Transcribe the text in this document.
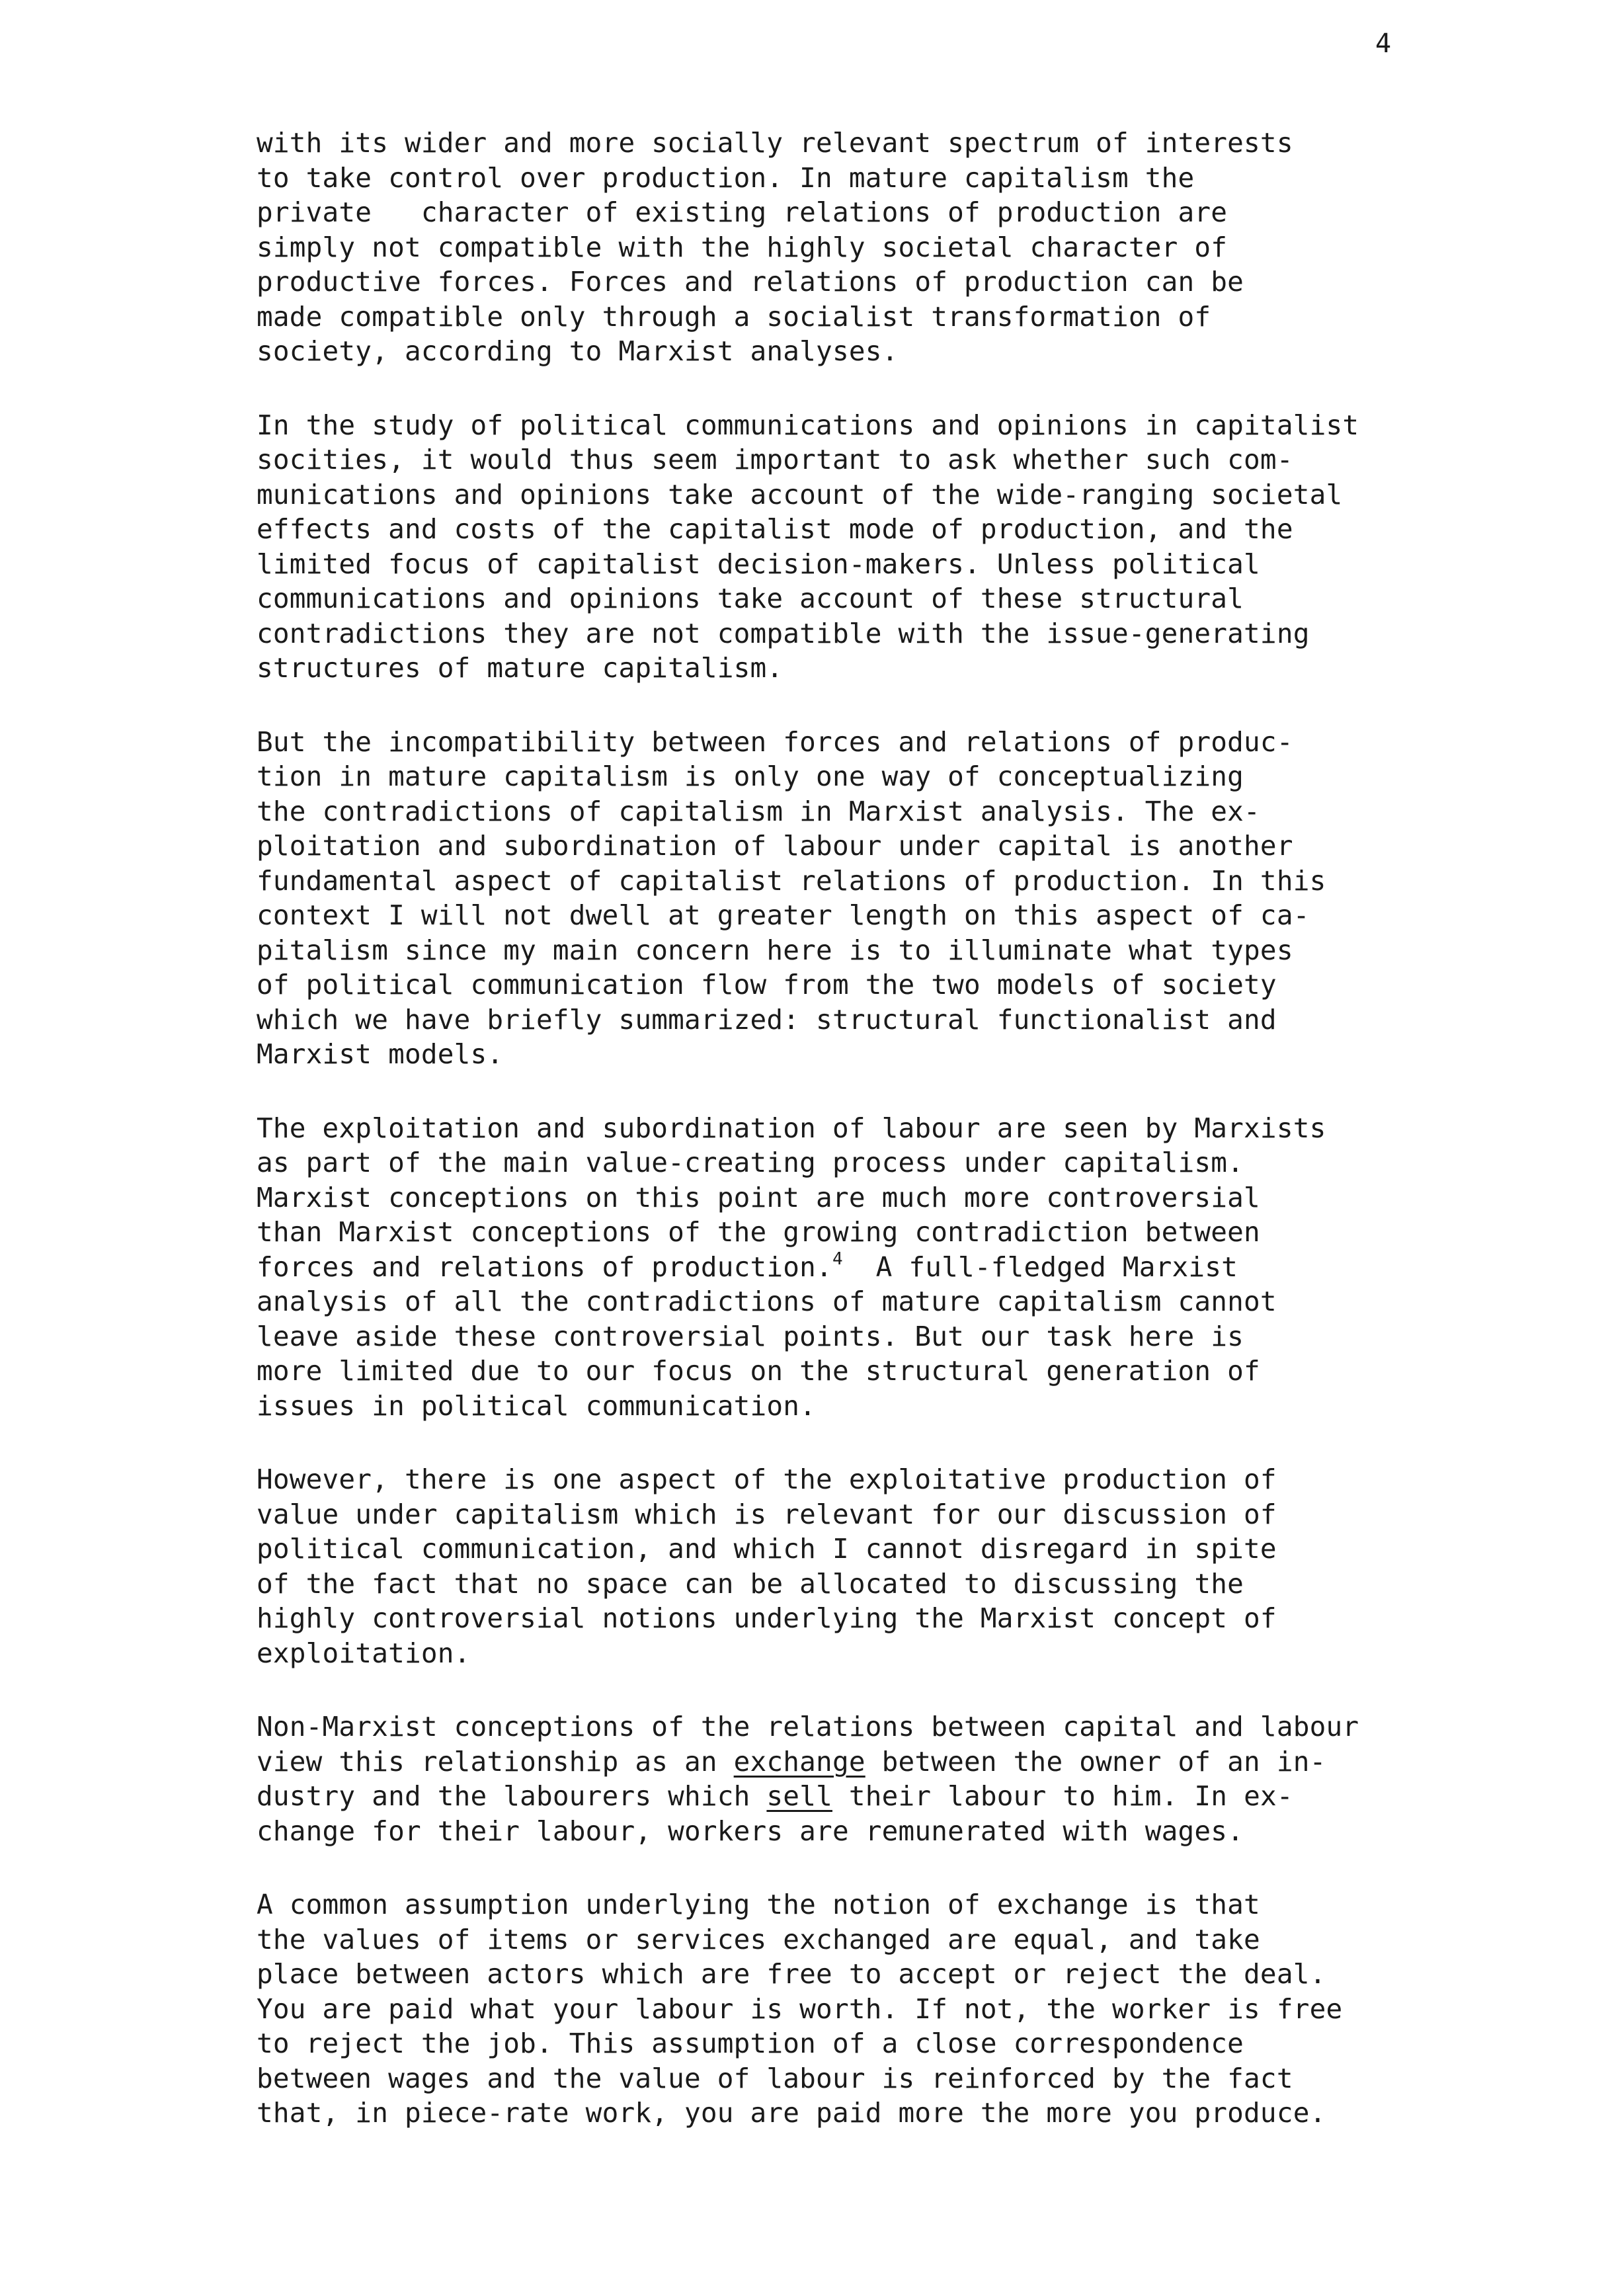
4
with its wider and more socially relevant spectrum of interests
to take control over production. In mature capitalism the
private   character of existing relations of production are
simply not compatible with the highly societal character of
productive forces. Forces and relations of production can be
made compatible only through a socialist transformation of
society, according to Marxist analyses.
In the study of political communications and opinions in capitalist
socities, it would thus seem important to ask whether such com-
munications and opinions take account of the wide-ranging societal
effects and costs of the capitalist mode of production, and the
limited focus of capitalist decision-makers. Unless political
communications and opinions take account of these structural
contradictions they are not compatible with the issue-generating
structures of mature capitalism.
But the incompatibility between forces and relations of produc-
tion in mature capitalism is only one way of conceptualizing
the contradictions of capitalism in Marxist analysis. The ex-
ploitation and subordination of labour under capital is another
fundamental aspect of capitalist relations of production. In this
context I will not dwell at greater length on this aspect of ca-
pitalism since my main concern here is to illuminate what types
of political communication flow from the two models of society
which we have briefly summarized: structural functionalist and
Marxist models.
The exploitation and subordination of labour are seen by Marxists
as part of the main value-creating process under capitalism.
Marxist conceptions on this point are much more controversial
than Marxist conceptions of the growing contradiction between
forces and relations of production.$^4$  A full-fledged Marxist
analysis of all the contradictions of mature capitalism cannot
leave aside these controversial points. But our task here is
more limited due to our focus on the structural generation of
issues in political communication.
However, there is one aspect of the exploitative production of
value under capitalism which is relevant for our discussion of
political communication, and which I cannot disregard in spite
of the fact that no space can be allocated to discussing the
highly controversial notions underlying the Marxist concept of
exploitation.
Non-Marxist conceptions of the relations between capital and labour
view this relationship as an exchange between the owner of an in-
dustry and the labourers which sell their labour to him. In ex-
change for their labour, workers are remunerated with wages.
A common assumption underlying the notion of exchange is that
the values of items or services exchanged are equal, and take
place between actors which are free to accept or reject the deal.
You are paid what your labour is worth. If not, the worker is free
to reject the job. This assumption of a close correspondence
between wages and the value of labour is reinforced by the fact
that, in piece-rate work, you are paid more the more you produce.
